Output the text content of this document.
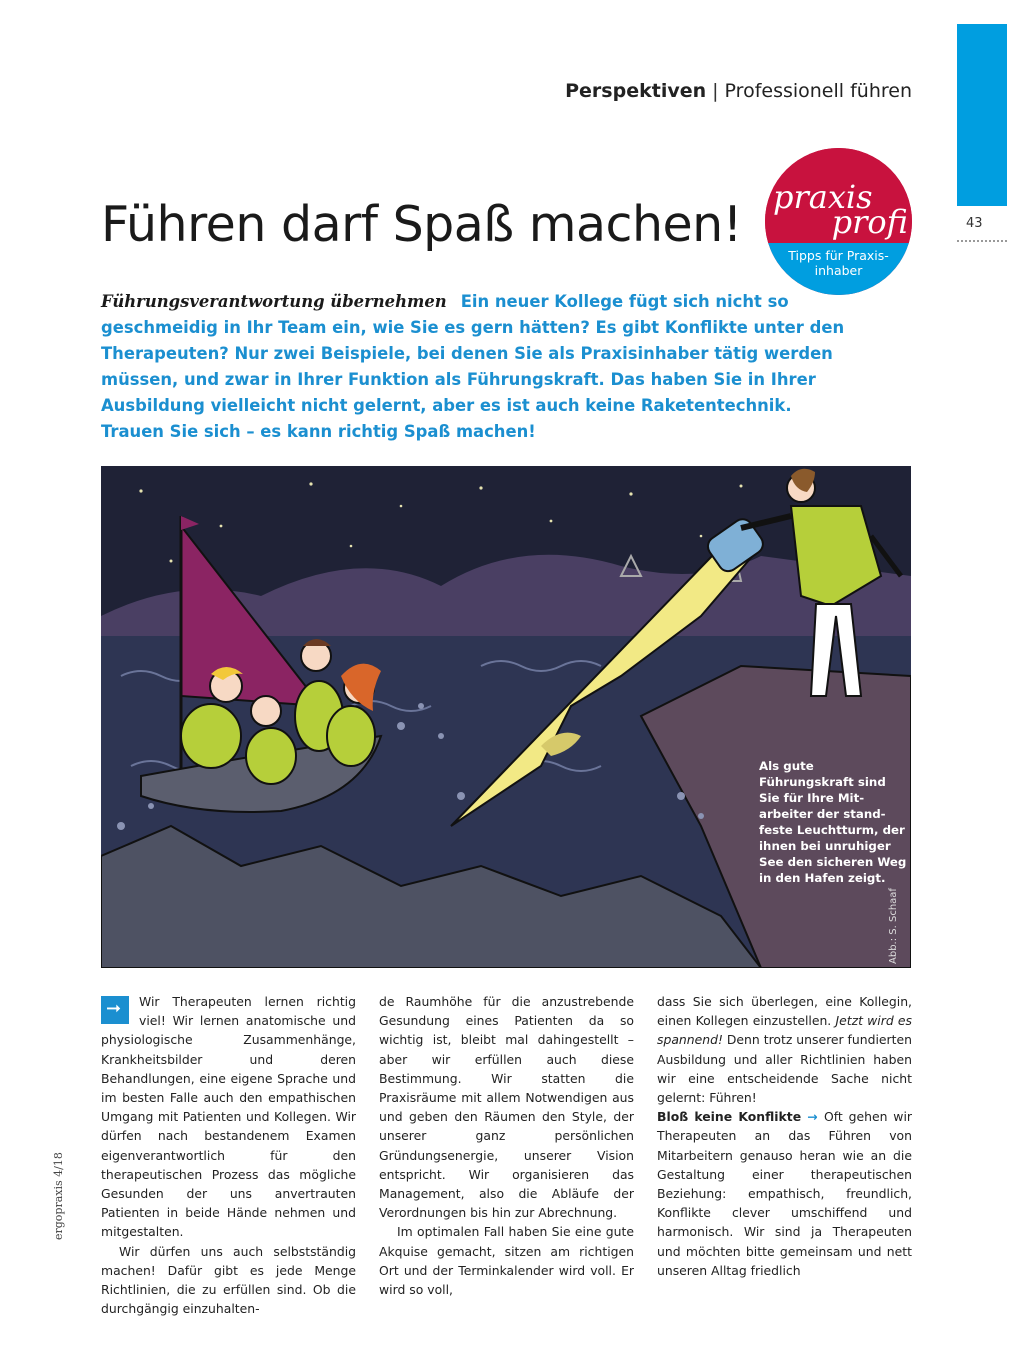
43
Perspektiven | Professionell führen
Führen darf Spaß machen! praxis
profi
Tipps für Praxis- inhaber
Führungsverantwortung übernehmen Ein neuer Kollege fügt sich nicht so geschmeidig in Ihr Team ein, wie Sie es gern hätten? Es gibt Konflikte unter den Therapeuten? Nur zwei Beispiele, bei denen Sie als Praxisinhaber tätig werden müssen, und zwar in Ihrer Funktion als Führungskraft. Das haben Sie in Ihrer Ausbildung vielleicht nicht gelernt, aber es ist auch keine Raketentechnik. Trauen Sie sich – es kann richtig Spaß machen!
Als gute Führungskraft sind Sie für Ihre Mit- arbeiter der stand- feste Leuchtturm, der ihnen bei unruhiger See den sicheren Weg in den Hafen zeigt.
Abb.: S. Schaaf

➞ Wir Therapeuten lernen richtig viel! Wir lernen anatomische und physiologische Zusammenhänge, Krankheitsbilder und deren Behandlungen, eine eigene Sprache und im besten Falle auch den empathischen Umgang mit Patienten und Kollegen. Wir dürfen nach bestandenem Examen eigenverantwortlich für den therapeutischen Prozess das mögliche Gesunden der uns anvertrauten Patienten in beide Hände nehmen und mitgestalten.

Wir dürfen uns auch selbstständig machen! Dafür gibt es jede Menge Richtlinien, die zu erfüllen sind. Ob die durchgängig einzuhalten-

de Raumhöhe für die anzustrebende Gesundung eines Patienten da so wichtig ist, bleibt mal dahingestellt – aber wir erfüllen auch diese Bestimmung. Wir statten die Praxisräume mit allem Notwendigen aus und geben den Räumen den Style, der unserer ganz persönlichen Gründungsenergie, unserer Vision entspricht. Wir organisieren das Management, also die Abläufe der Verordnungen bis hin zur Abrechnung.

Im optimalen Fall haben Sie eine gute Akquise gemacht, sitzen am richtigen Ort und der Terminkalender wird voll. Er wird so voll,

dass Sie sich überlegen, eine Kollegin, einen Kollegen einzustellen. Jetzt wird es spannend! Denn trotz unserer fundierten Ausbildung und aller Richtlinien haben wir eine entscheidende Sache nicht gelernt: Führen!

Bloß keine Konflikte → Oft gehen wir Therapeuten an das Führen von Mitarbeitern genauso heran wie an die Gestaltung einer therapeutischen Beziehung: empathisch, freundlich, Konflikte clever umschiffend und harmonisch. Wir sind ja Therapeuten und möchten bitte gemeinsam und nett unseren Alltag friedlich

ergopraxis 4/18
